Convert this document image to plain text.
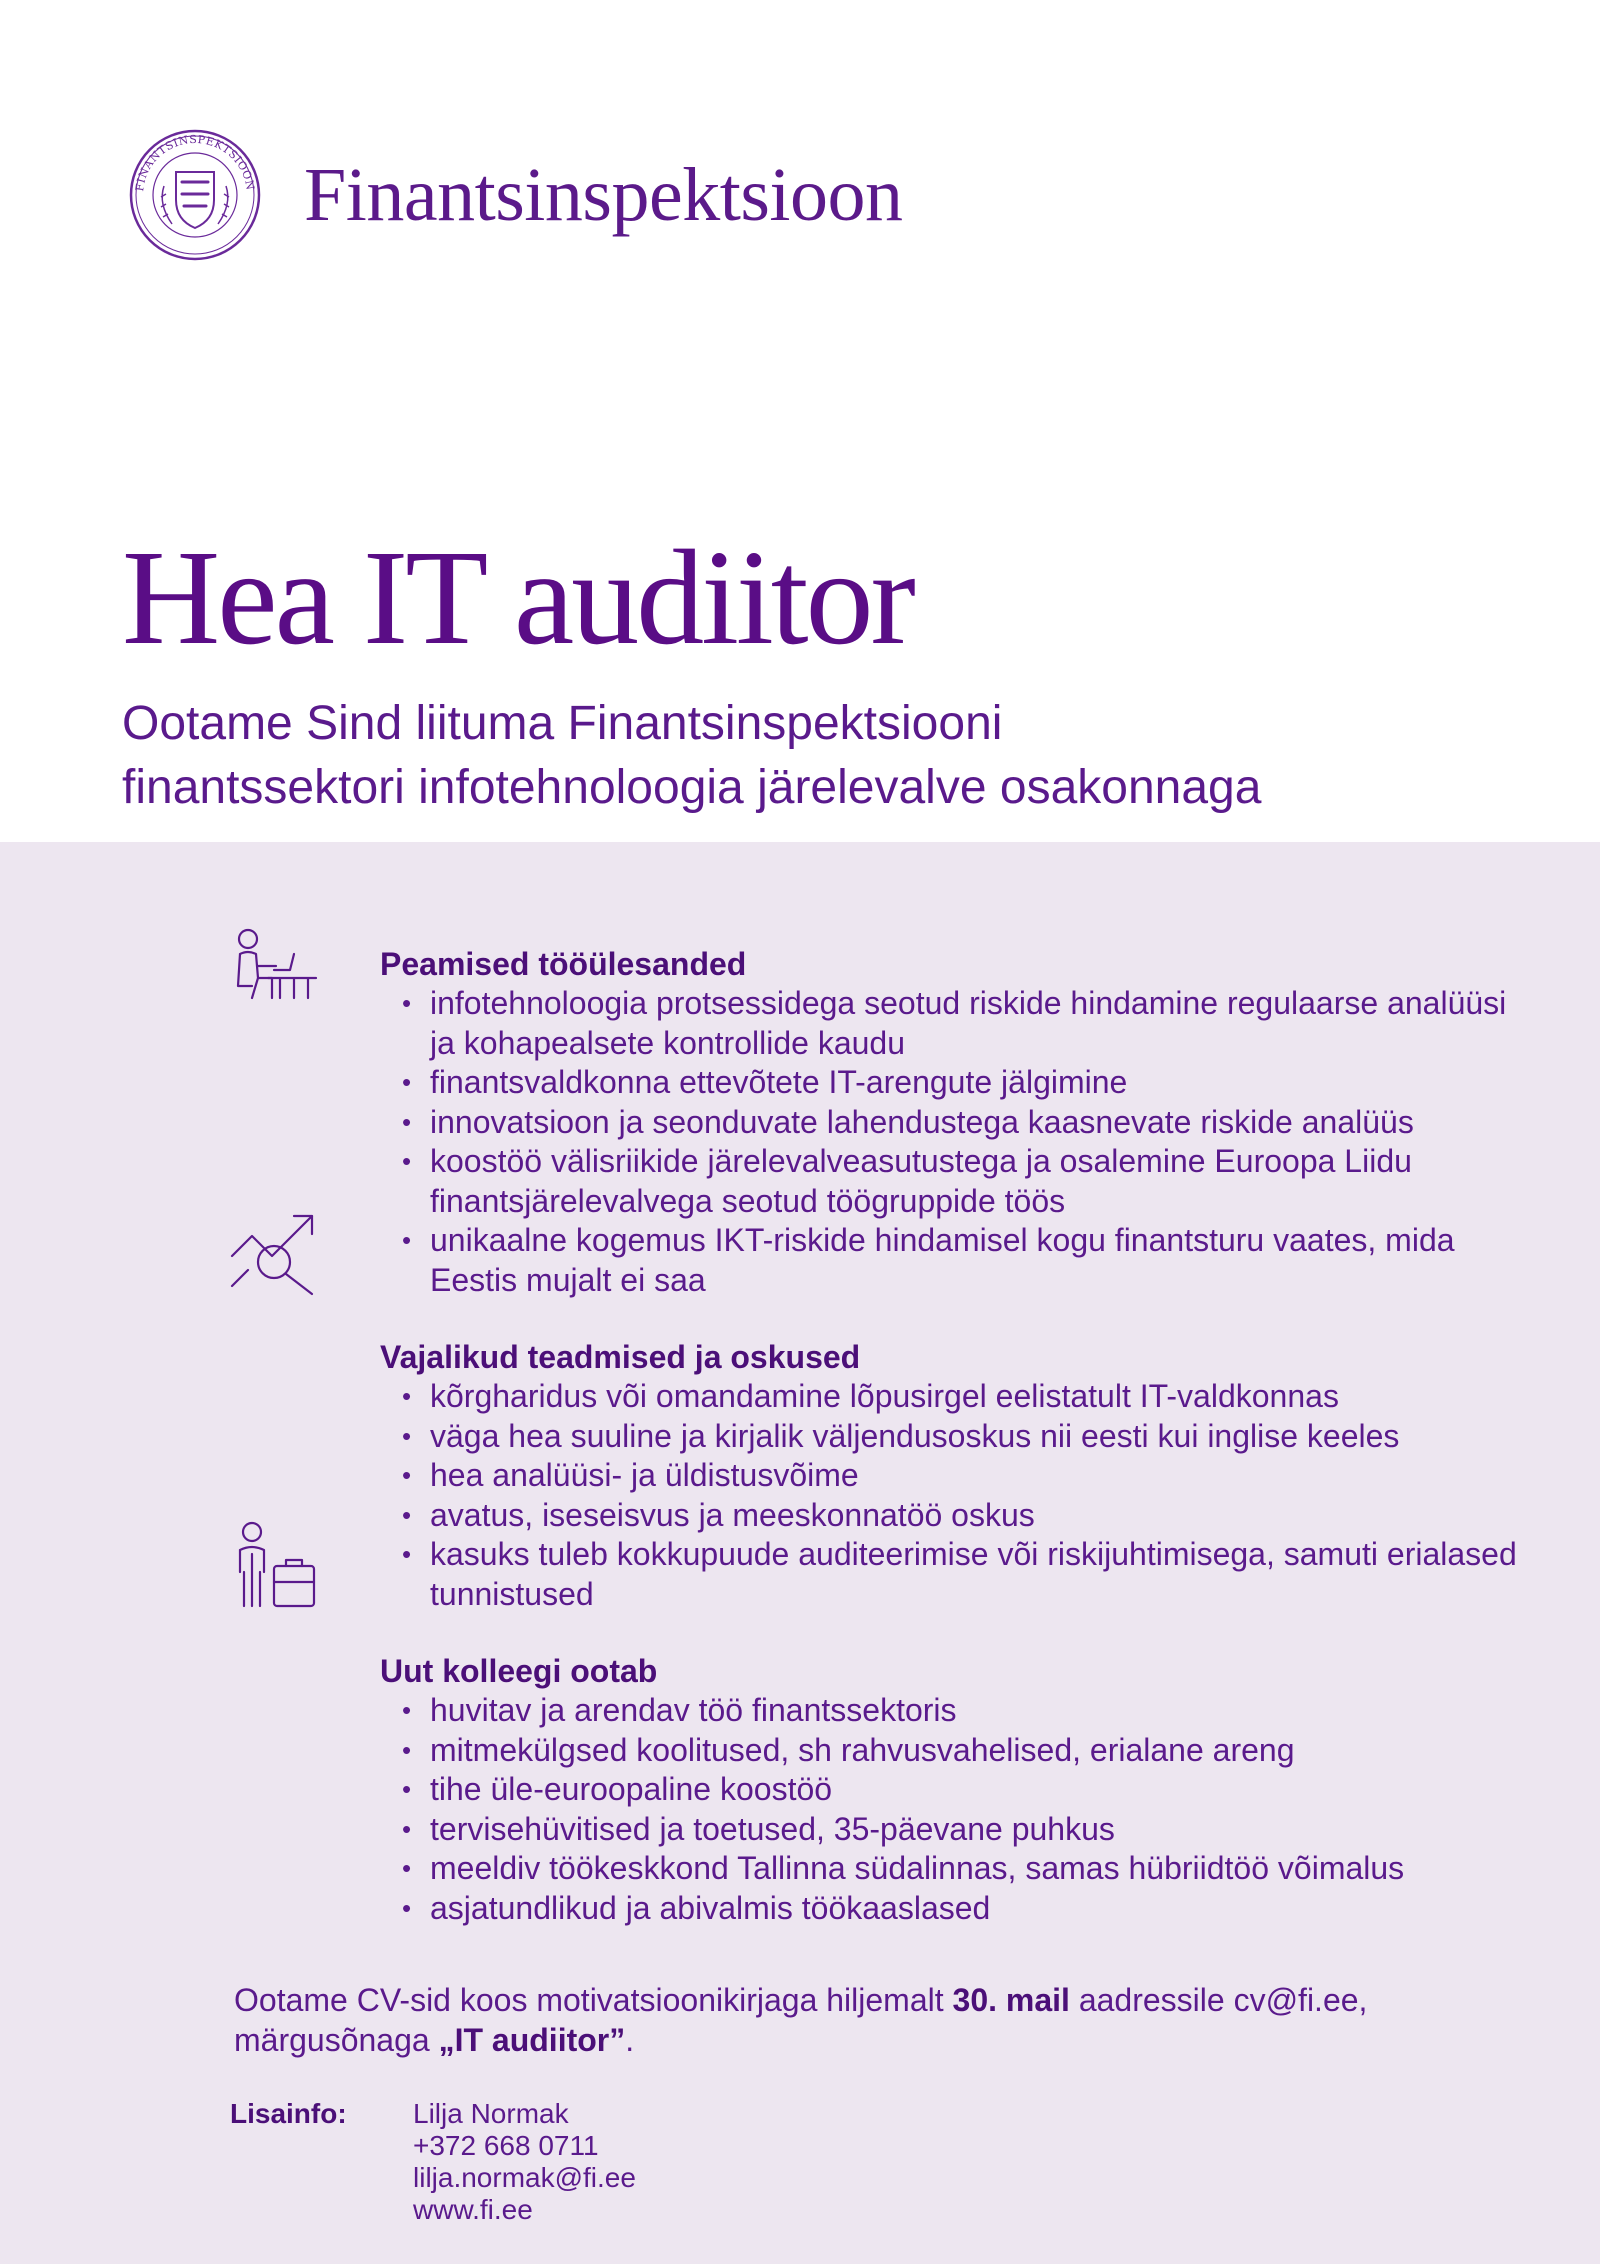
FINANTSINSPEKTSIOON Finantsinspektsioon
Hea IT audiitor
Ootame Sind liituma Finantsinspektsiooni
finantssektori infotehnoloogia järelevalve osakonnaga
Peamised tööülesanded
• infotehnoloogia protsessidega seotud riskide hindamine regulaarse analüüsi ja kohapealsete kontrollide kaudu
• finantsvaldkonna ettevõtete IT-arengute jälgimine
• innovatsioon ja seonduvate lahendustega kaasnevate riskide analüüs
• koostöö välisriikide järelevalveasutustega ja osalemine Euroopa Liidu finantsjärelevalvega seotud töögruppide töös
• unikaalne kogemus IKT-riskide hindamisel kogu finantsturu vaates, mida Eestis mujalt ei saa
Vajalikud teadmised ja oskused
• kõrgharidus või omandamine lõpusirgel eelistatult IT-valdkonnas
• väga hea suuline ja kirjalik väljendusoskus nii eesti kui inglise keeles
• hea analüüsi- ja üldistusvõime
• avatus, iseseisvus ja meeskonnatöö oskus
• kasuks tuleb kokkupuude auditeerimise või riskijuhtimisega, samuti erialased tunnistused
Uut kolleegi ootab
• huvitav ja arendav töö finantssektoris
• mitmekülgsed koolitused, sh rahvusvahelised, erialane areng
• tihe üle-euroopaline koostöö
• tervisehüvitised ja toetused, 35-päevane puhkus
• meeldiv töökeskkond Tallinna südalinnas, samas hübriidtöö võimalus
• asjatundlikud ja abivalmis töökaaslased
Ootame CV-sid koos motivatsioonikirjaga hiljemalt 30. mail aadressile cv@fi.ee,
märgusõnaga „IT audiitor”.
Lisainfo:	Lilja Normak
+372 668 0711
lilja.normak@fi.ee
www.fi.ee
